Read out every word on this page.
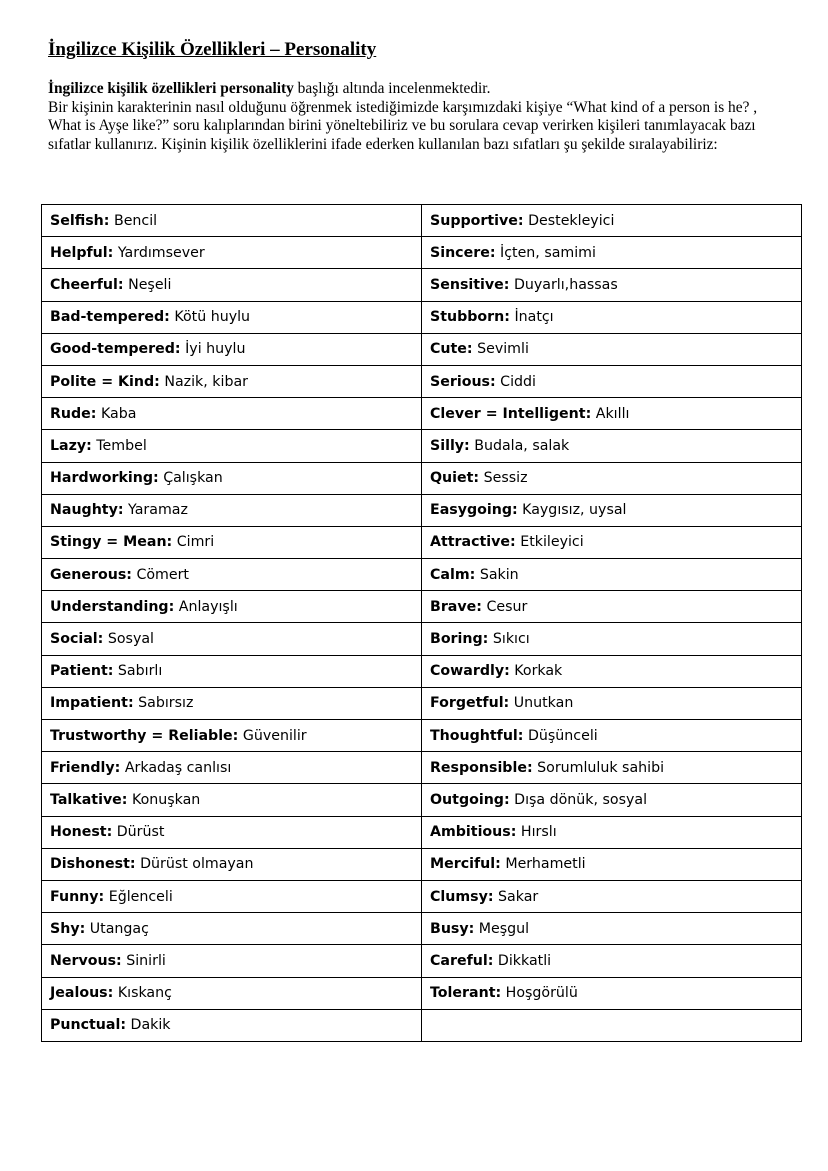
İngilizce Kişilik Özellikleri – Personality

İngilizce kişilik özellikleri personality başlığı altında incelenmektedir.
Bir kişinin karakterinin nasıl olduğunu öğrenmek istediğimizde karşımızdaki kişiye “What kind of a person is he? , What is Ayşe like?” soru kalıplarından birini yöneltebiliriz ve bu sorulara cevap verirken kişileri tanımlayacak bazı sıfatlar kullanırız. Kişinin kişilik özelliklerini ifade ederken kullanılan bazı sıfatları şu şekilde sıralayabiliriz:

Selfish: Bencil	Supportive: Destekleyici
Helpful: Yardımsever	Sincere: İçten, samimi
Cheerful: Neşeli	Sensitive: Duyarlı,hassas
Bad-tempered: Kötü huylu	Stubborn: İnatçı
Good-tempered: İyi huylu	Cute: Sevimli
Polite = Kind: Nazik, kibar	Serious: Ciddi
Rude: Kaba	Clever = Intelligent: Akıllı
Lazy: Tembel	Silly: Budala, salak
Hardworking: Çalışkan	Quiet: Sessiz
Naughty: Yaramaz	Easygoing: Kaygısız, uysal
Stingy = Mean: Cimri	Attractive: Etkileyici
Generous: Cömert	Calm: Sakin
Understanding: Anlayışlı	Brave: Cesur
Social: Sosyal	Boring: Sıkıcı
Patient: Sabırlı	Cowardly: Korkak
Impatient: Sabırsız	Forgetful: Unutkan
Trustworthy = Reliable: Güvenilir	Thoughtful: Düşünceli
Friendly: Arkadaş canlısı	Responsible: Sorumluluk sahibi
Talkative: Konuşkan	Outgoing: Dışa dönük, sosyal
Honest: Dürüst	Ambitious: Hırslı
Dishonest: Dürüst olmayan	Merciful: Merhametli
Funny: Eğlenceli	Clumsy: Sakar
Shy: Utangaç	Busy: Meşgul
Nervous: Sinirli	Careful: Dikkatli
Jealous: Kıskanç	Tolerant: Hoşgörülü
Punctual: Dakik	
